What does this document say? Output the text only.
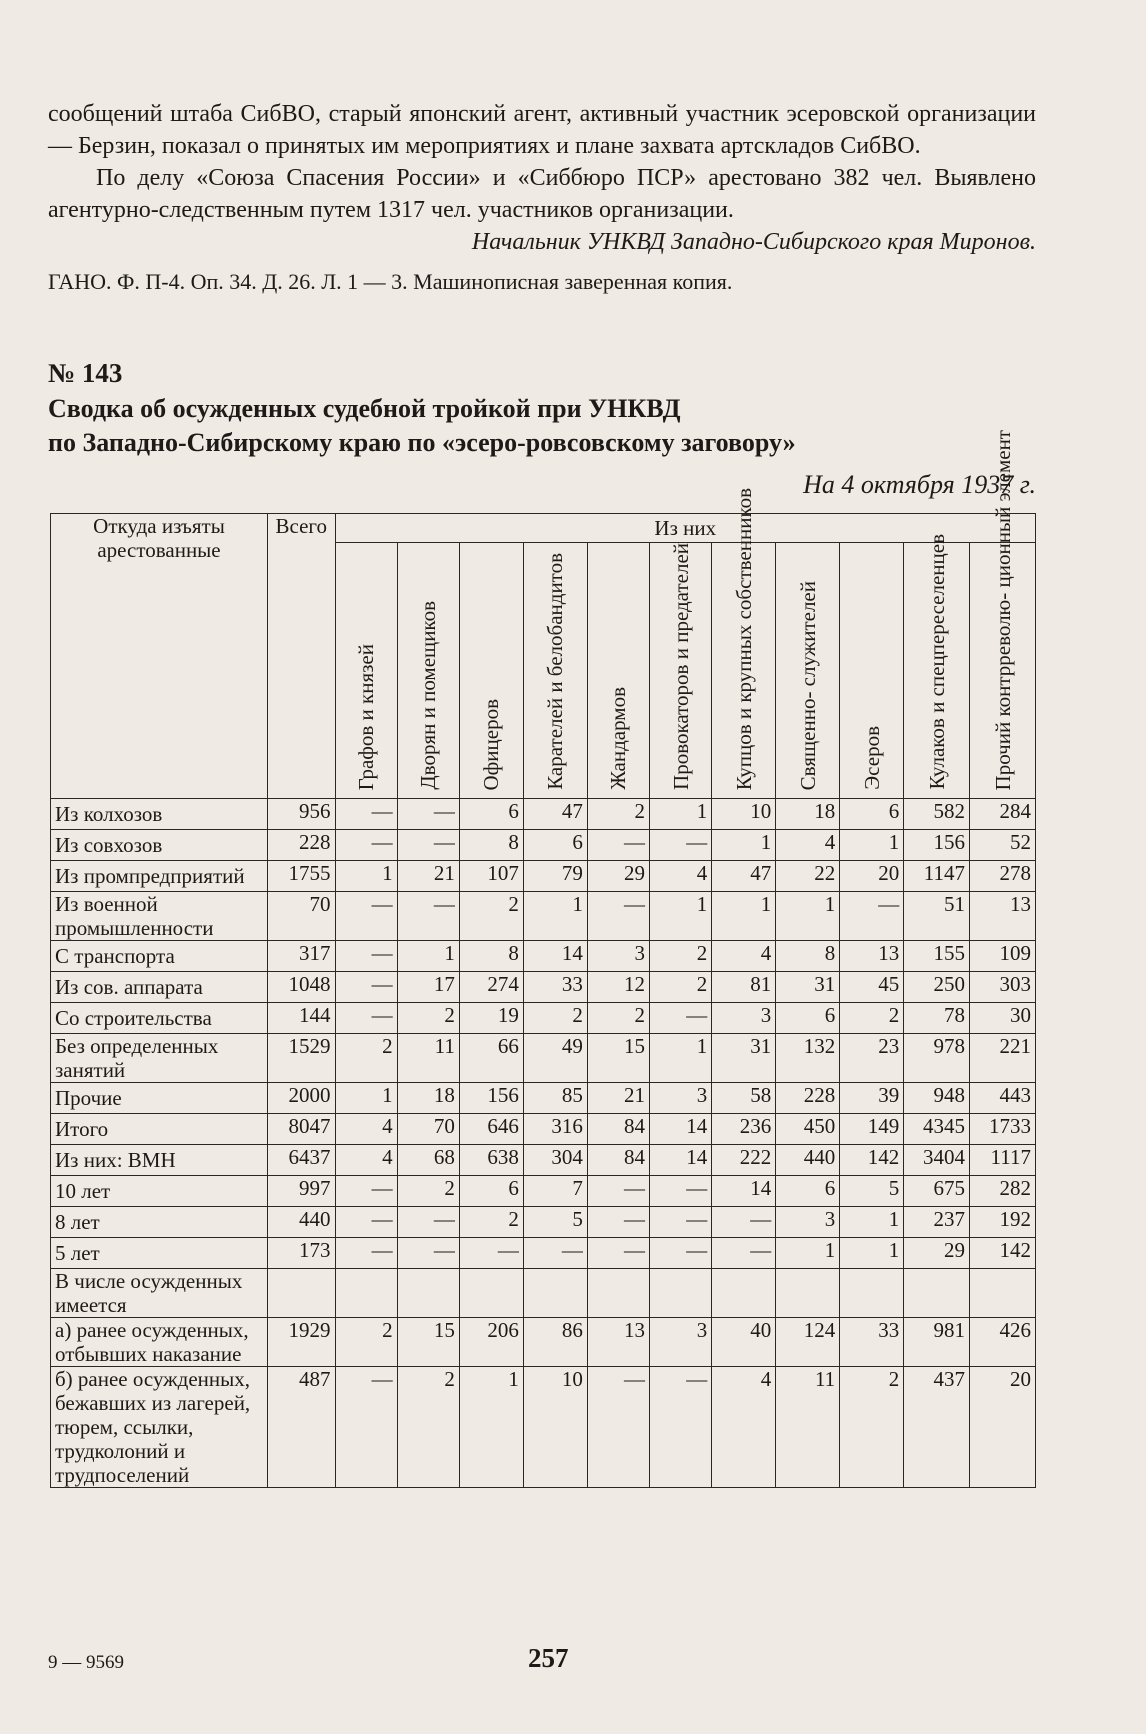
сообщений штаба СибВО, старый японский агент, активный участник эсеровской организации — Берзин, показал о принятых им мероприятиях и плане захвата артскладов СибВО.

По делу «Союза Спасения России» и «Сиббюро ПСР» арестовано 382 чел. Выявлено агентурно-следственным путем 1317 чел. участников организации.

Начальник УНКВД Западно-Сибирского края Миронов.

ГАНО. Ф. П-4. Оп. 34. Д. 26. Л. 1 — 3. Машинописная заверенная копия.

№ 143
Сводка об осужденных судебной тройкой при УНКВД
по Западно-Сибирскому краю по «эсеро-ровсовскому заговору»
На 4 октября 1937 г.
Откуда изъяты арестованные	Всего	Из них										

		Графов и князей	Дворян и помещиков	Офицеров	Карателей и белобандитов	Жандармов	Провокаторов и предателей	Купцов и крупных собственников	Священно- служителей	Эсеров	Кулаков и спецпереселенцев	Прочий контрреволю- ционный элемент

Из колхозов	956	—	—	6	47	2	1	10	18	6	582	284
Из совхозов	228	—	—	8	6	—	—	1	4	1	156	52
Из промпредприятий	1755	1	21	107	79	29	4	47	22	20	1147	278
Из военной промышленности	70	—	—	2	1	—	1	1	1	—	51	13
С транспорта	317	—	1	8	14	3	2	4	8	13	155	109
Из сов. аппарата	1048	—	17	274	33	12	2	81	31	45	250	303
Со строительства	144	—	2	19	2	2	—	3	6	2	78	30
Без определенных занятий	1529	2	11	66	49	15	1	31	132	23	978	221
Прочие	2000	1	18	156	85	21	3	58	228	39	948	443
Итого	8047	4	70	646	316	84	14	236	450	149	4345	1733
Из них: ВМН	6437	4	68	638	304	84	14	222	440	142	3404	1117
10 лет	997	—	2	6	7	—	—	14	6	5	675	282
8 лет	440	—	—	2	5	—	—	—	3	1	237	192
5 лет	173	—	—	—	—	—	—	—	1	1	29	142
В числе осужденных имеется												
а) ранее осужденных, отбывших наказание	1929	2	15	206	86	13	3	40	124	33	981	426
б) ранее осужденных, бежавших из лагерей, тюрем, ссылки, трудколоний и трудпоселений	487	—	2	1	10	—	—	4	11	2	437	20
9 — 9569	257
